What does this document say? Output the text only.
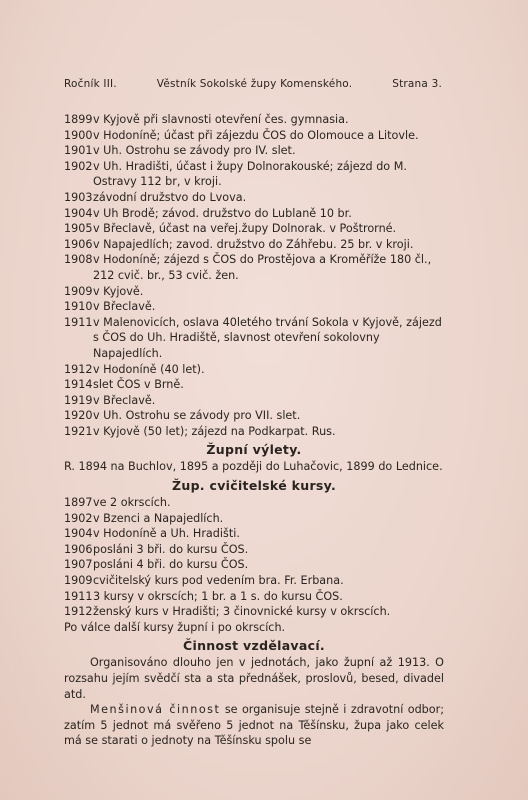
Ročník III.	Věstník Sokolské župy Komenského.	Strana 3.
1899 v Kyjově při slavnosti otevření čes. gymnasia.
1900 v Hodoníně; účast při zájezdu ČOS do Olomouce a Litovle.
1901 v Uh. Ostrohu se závody pro IV. slet.
1902 v Uh. Hradišti, účast i župy Dolnorakouské; zájezd do M. Ostravy 112 br, v kroji.
1903 závodní družstvo do Lvova.
1904 v Uh Brodě; závod. družstvo do Lublaně 10 br.
1905 v Břeclavě, účast na veřej.župy Dolnorak. v Poštrorné.
1906 v Napajedlích; zavod. družstvo do Záhřebu. 25 br. v kroji.
1908 v Hodoníně; zájezd s ČOS do Prostějova a Kroměříže 180 čl., 212 cvič. br., 53 cvič. žen.
1909 v Kyjově.
1910 v Břeclavě.
1911 v Malenovicích, oslava 40letého trvání Sokola v Kyjově, zájezd s ČOS do Uh. Hradiště, slavnost otevření sokolovny Napajedlích.
1912 v Hodoníně (40 let).
1914 slet ČOS v Brně.
1919 v Břeclavě.
1920 v Uh. Ostrohu se závody pro VII. slet.
1921 v Kyjově (50 let); zájezd na Podkarpat. Rus.
Župní výlety.
R. 1894 na Buchlov, 1895 a později do Luhačovic, 1899 do Lednice.
Žup. cvičitelské kursy.
1897 ve 2 okrscích.
1902 v Bzenci a Napajedlích.
1904 v Hodoníně a Uh. Hradišti.
1906 posláni 3 bři. do kursu ČOS.
1907 posláni 4 bři. do kursu ČOS.
1909 cvičitelský kurs pod vedením bra. Fr. Erbana.
1911 3 kursy v okrscích; 1 br. a 1 s. do kursu ČOS.
1912 ženský kurs v Hradišti; 3 činovnické kursy v okrscích.
Po válce další kursy župní i po okrscích.
Činnost vzdělavací.
Organisováno dlouho jen v jednotách, jako župní až 1913. O rozsahu jejím svědčí sta a sta přednášek, proslovů, besed, divadel atd.
Menšinová činnost se organisuje stejně i zdravotní odbor; zatím 5 jednot má svěřeno 5 jednot na Těšínsku, župa jako celek má se starati o jednoty na Těšínsku spolu se
